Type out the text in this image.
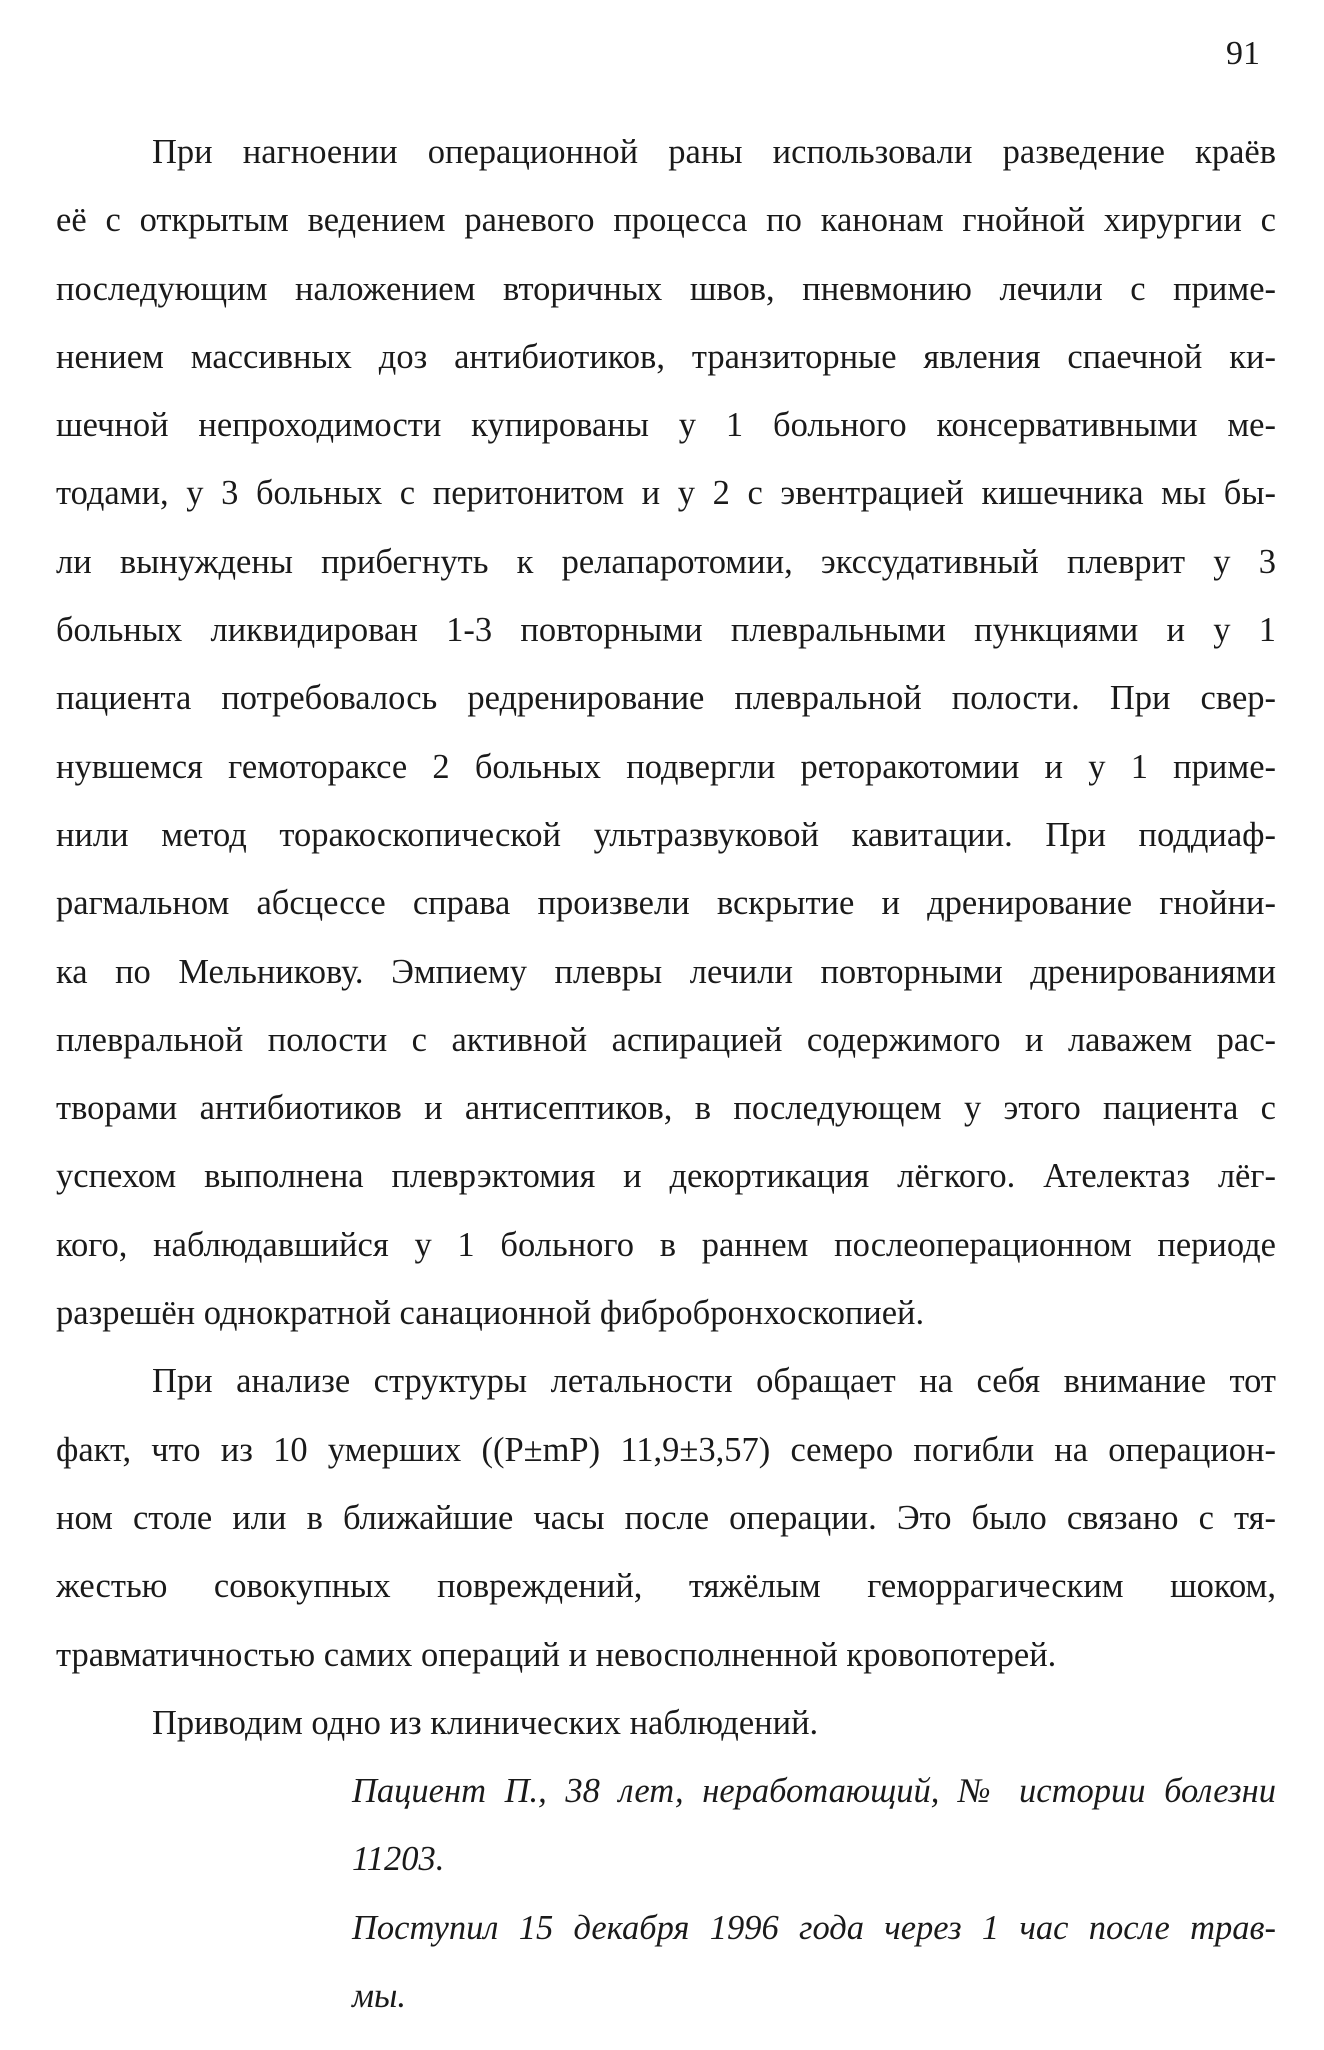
91
При нагноении операционной раны использовали разведение краёв
её с открытым ведением раневого процесса по канонам гнойной хирургии с
последующим наложением вторичных швов, пневмонию лечили с приме-
нением массивных доз антибиотиков, транзиторные явления спаечной ки-
шечной непроходимости купированы у 1 больного консервативными ме-
тодами, у 3 больных с перитонитом и у 2 с эвентрацией кишечника мы бы-
ли вынуждены прибегнуть к релапаротомии, экссудативный плеврит у 3
больных ликвидирован 1-3 повторными плевральными пункциями и у 1
пациента потребовалось редренирование плевральной полости. При свер-
нувшемся гемотораксе 2 больных подвергли реторакотомии и у 1 приме-
нили метод торакоскопической ультразвуковой кавитации. При поддиаф-
рагмальном абсцессе справа произвели вскрытие и дренирование гнойни-
ка по Мельникову. Эмпиему плевры лечили повторными дренированиями
плевральной полости с активной аспирацией содержимого и лаважем рас-
творами антибиотиков и антисептиков, в последующем у этого пациента с
успехом выполнена плеврэктомия и декортикация лёгкого. Ателектаз лёг-
кого, наблюдавшийся у 1 больного в раннем послеоперационном периоде
разрешён однократной санационной фибробронхоскопией.
При анализе структуры летальности обращает на себя внимание тот
факт, что из 10 умерших ((P±mP) 11,9±3,57) семеро погибли на операцион-
ном столе или в ближайшие часы после операции. Это было связано с тя-
жестью совокупных повреждений, тяжёлым геморрагическим шоком,
травматичностью самих операций и невосполненной кровопотерей.
Приводим одно из клинических наблюдений.
Пациент П., 38 лет, неработающий, № истории болезни
11203.
Поступил 15 декабря 1996 года через 1 час после трав-
мы.
